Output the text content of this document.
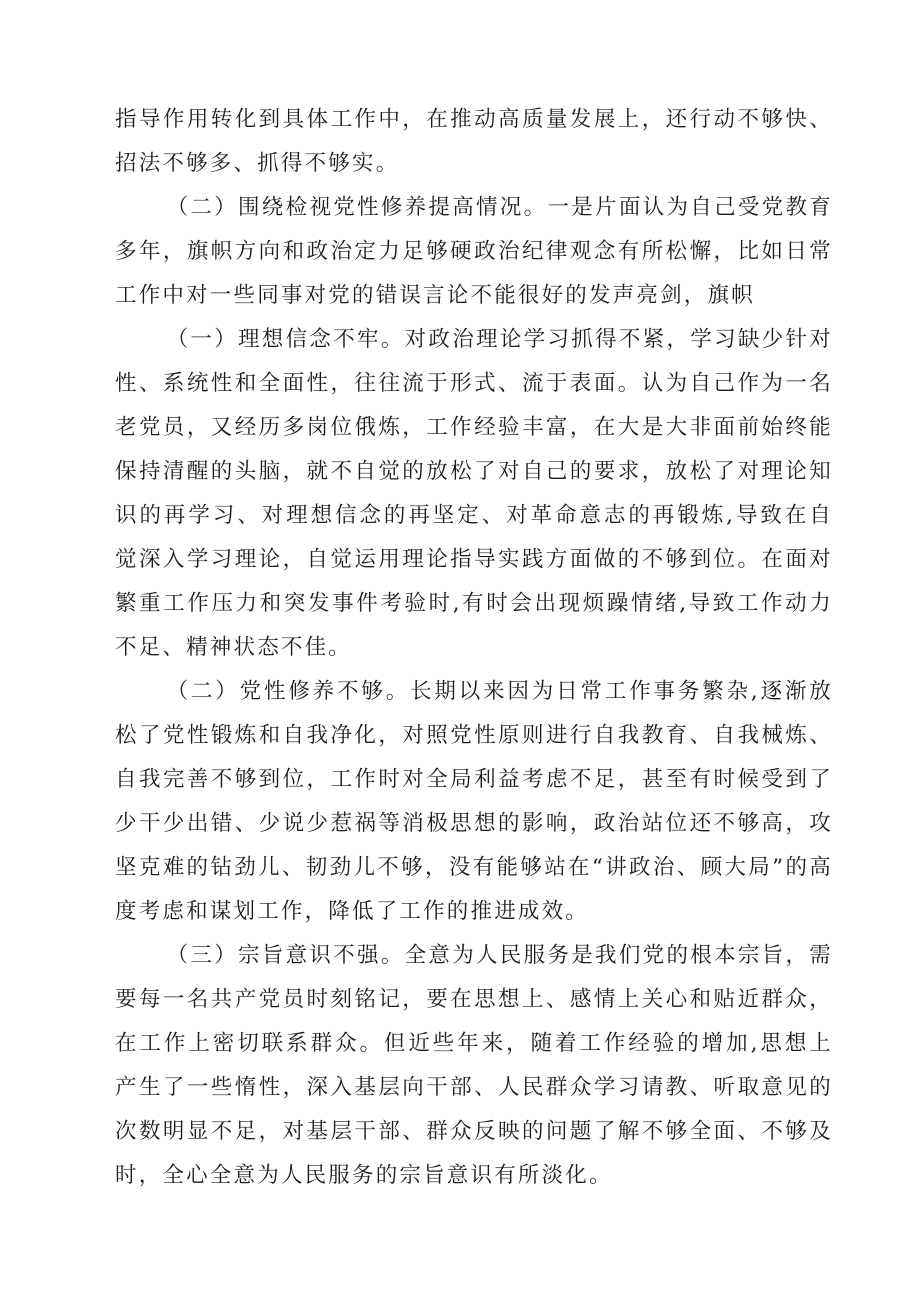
指导作用转化到具体工作中，在推动高质量发展上，还行动不够快、招法不够多、抓得不够实。

（二）围绕检视党性修养提高情况。一是片面认为自己受党教育多年，旗帜方向和政治定力足够硬政治纪律观念有所松懈，比如日常工作中对一些同事对党的错误言论不能很好的发声亮剑，旗帜

（一）理想信念不牢。对政治理论学习抓得不紧，学习缺少针对性、系统性和全面性，往往流于形式、流于表面。认为自己作为一名老党员，又经历多岗位俄炼，工作经验丰富，在大是大非面前始终能保持清醒的头脑，就不自觉的放松了对自己的要求，放松了对理论知识的再学习、对理想信念的再坚定、对革命意志的再锻炼,导致在自觉深入学习理论，自觉运用理论指导实践方面做的不够到位。在面对繁重工作压力和突发事件考验时,有时会出现烦躁情绪,导致工作动力不足、精神状态不佳。

（二）党性修养不够。长期以来因为日常工作事务繁杂,逐渐放松了党性锻炼和自我净化，对照党性原则进行自我教育、自我械炼、自我完善不够到位，工作时对全局利益考虑不足，甚至有时候受到了少干少出错、少说少惹祸等消极思想的影响，政治站位还不够高，攻坚克难的钻劲儿、韧劲儿不够，没有能够站在“讲政治、顾大局”的高度考虑和谋划工作，降低了工作的推进成效。

（三）宗旨意识不强。全意为人民服务是我们党的根本宗旨，需要每一名共产党员时刻铭记，要在思想上、感情上关心和贴近群众，在工作上密切联系群众。但近些年来，随着工作经验的增加,思想上产生了一些惰性，深入基层向干部、人民群众学习请教、听取意见的次数明显不足，对基层干部、群众反映的问题了解不够全面、不够及时，全心全意为人民服务的宗旨意识有所淡化。
